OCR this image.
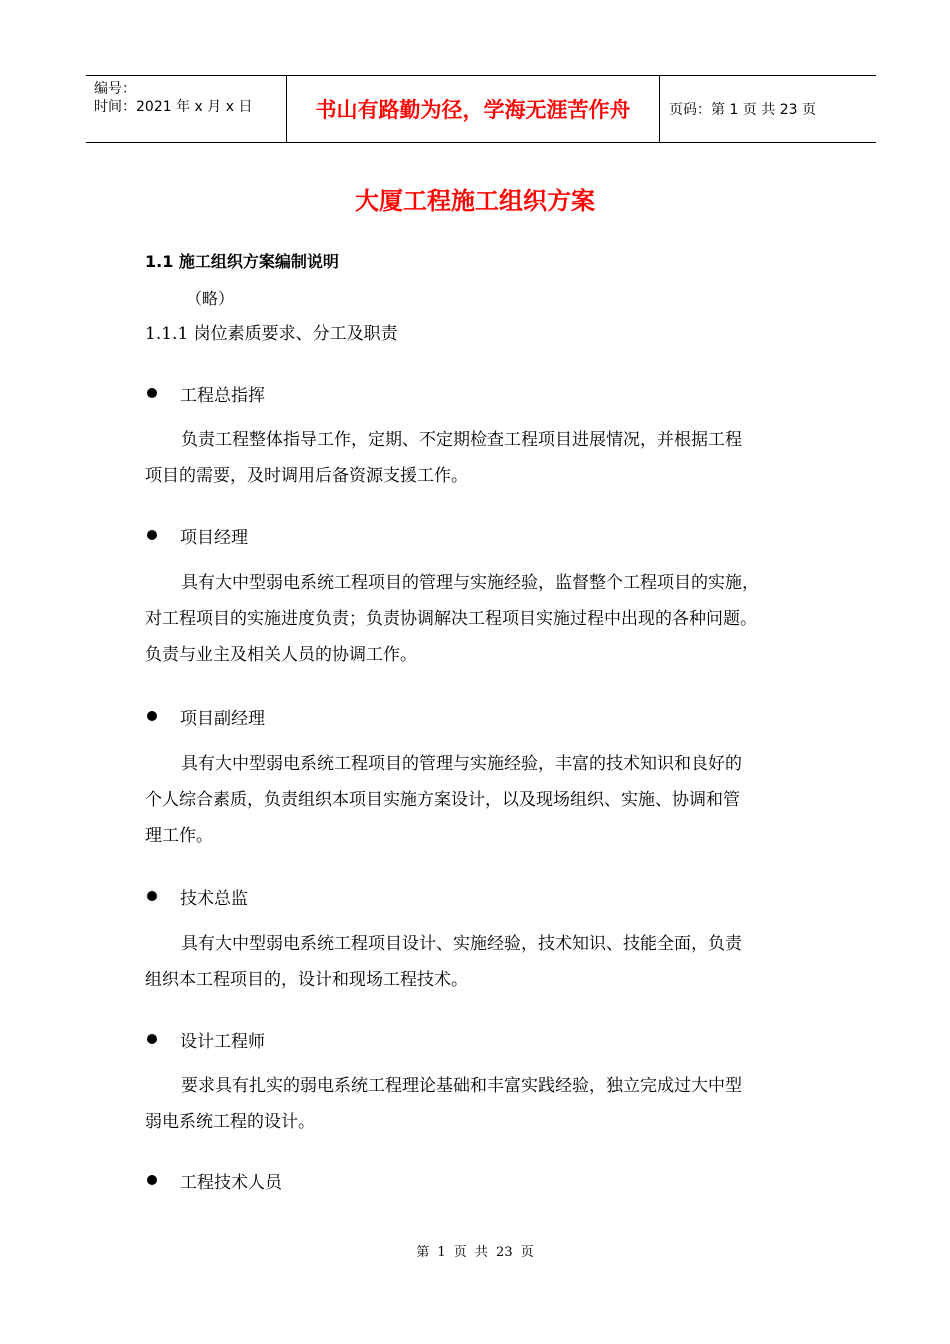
编号：
时间：2021 年 x 月 x 日	书山有路勤为径，学海无涯苦作舟	页码：第 1 页 共 23 页
大厦工程施工组织方案
1.1 施工组织方案编制说明
（略）
1.1.1 岗位素质要求、分工及职责
工程总指挥
负责工程整体指导工作，定期、不定期检查工程项目进展情况，并根据工程
项目的需要，及时调用后备资源支援工作。
项目经理
具有大中型弱电系统工程项目的管理与实施经验，监督整个工程项目的实施，
对工程项目的实施进度负责；负责协调解决工程项目实施过程中出现的各种问题。
负责与业主及相关人员的协调工作。
项目副经理
具有大中型弱电系统工程项目的管理与实施经验，丰富的技术知识和良好的
个人综合素质，负责组织本项目实施方案设计，以及现场组织、实施、协调和管
理工作。
技术总监
具有大中型弱电系统工程项目设计、实施经验，技术知识、技能全面，负责
组织本工程项目的，设计和现场工程技术。
设计工程师
要求具有扎实的弱电系统工程理论基础和丰富实践经验，独立完成过大中型
弱电系统工程的设计。
工程技术人员
第 1 页 共 23 页
